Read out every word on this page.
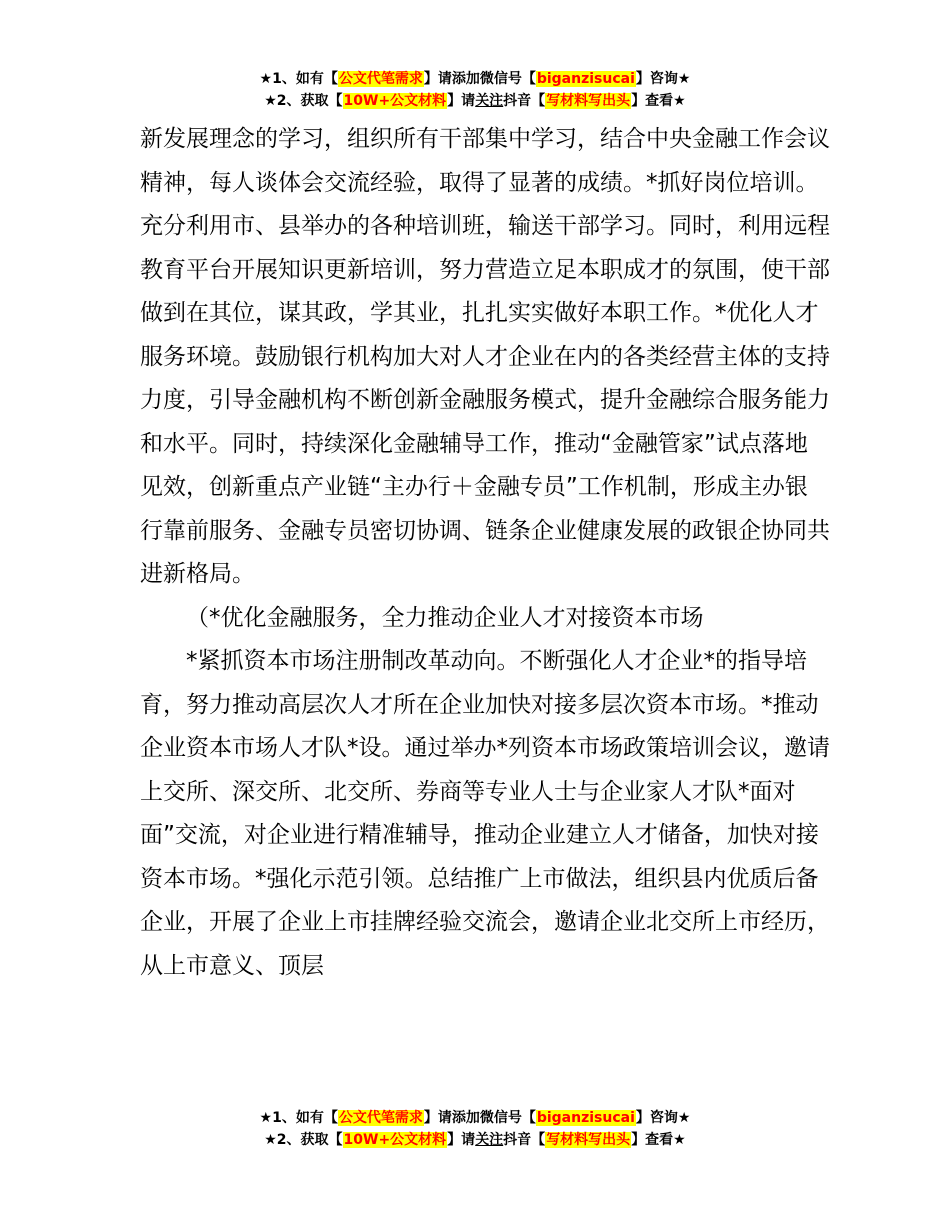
★1、如有【公文代笔需求】请添加微信号【biganzisucai】咨询★
★2、获取【10W+公文材料】请关注抖音【写材料写出头】查看★

新发展理念的学习，组织所有干部集中学习，结合中央金融工作会议精神，每人谈体会交流经验，取得了显著的成绩。*抓好岗位培训。充分利用市、县举办的各种培训班，输送干部学习。同时，利用远程教育平台开展知识更新培训，努力营造立足本职成才的氛围，使干部做到在其位，谋其政，学其业，扎扎实实做好本职工作。*优化人才服务环境。鼓励银行机构加大对人才企业在内的各类经营主体的支持力度，引导金融机构不断创新金融服务模式，提升金融综合服务能力和水平。同时，持续深化金融辅导工作，推动“金融管家”试点落地见效，创新重点产业链“主办行＋金融专员”工作机制，形成主办银行靠前服务、金融专员密切协调、链条企业健康发展的政银企协同共进新格局。

（*优化金融服务，全力推动企业人才对接资本市场

*紧抓资本市场注册制改革动向。不断强化人才企业*的指导培育，努力推动高层次人才所在企业加快对接多层次资本市场。*推动企业资本市场人才队*设。通过举办*列资本市场政策培训会议，邀请上交所、深交所、北交所、券商等专业人士与企业家人才队*面对面”交流，对企业进行精准辅导，推动企业建立人才储备，加快对接资本市场。*强化示范引领。总结推广上市做法，组织县内优质后备企业，开展了企业上市挂牌经验交流会，邀请企业北交所上市经历，从上市意义、顶层

★1、如有【公文代笔需求】请添加微信号【biganzisucai】咨询★
★2、获取【10W+公文材料】请关注抖音【写材料写出头】查看★
